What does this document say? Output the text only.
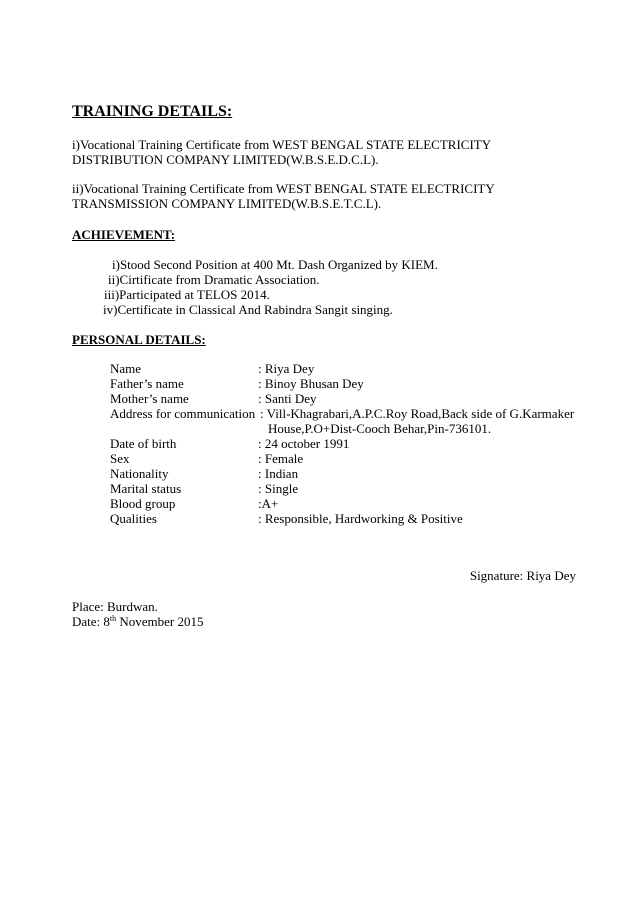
TRAINING DETAILS:
i)Vocational Training Certificate from WEST BENGAL STATE ELECTRICITY
DISTRIBUTION COMPANY LIMITED(W.B.S.E.D.C.L).
ii)Vocational Training Certificate from WEST BENGAL STATE ELECTRICITY
TRANSMISSION COMPANY LIMITED(W.B.S.E.T.C.L).
ACHIEVEMENT:
i)Stood Second Position at 400 Mt. Dash Organized by KIEM.
ii)Cirtificate from Dramatic Association.
iii)Participated at TELOS 2014.
iv)Certificate in Classical And Rabindra Sangit singing.
PERSONAL DETAILS:
Name	: Riya Dey
Father’s name	: Binoy Bhusan Dey
Mother’s name	: Santi Dey
Address for communication : Vill-Khagrabari,A.P.C.Roy Road,Back side of G.Karmaker
House,P.O+Dist-Cooch Behar,Pin-736101.
Date of birth	: 24 october 1991
Sex	: Female
Nationality	: Indian
Marital status	: Single
Blood group	:A+
Qualities	: Responsible, Hardworking & Positive
Signature: Riya Dey
Place: Burdwan.
Date: 8th November 2015
